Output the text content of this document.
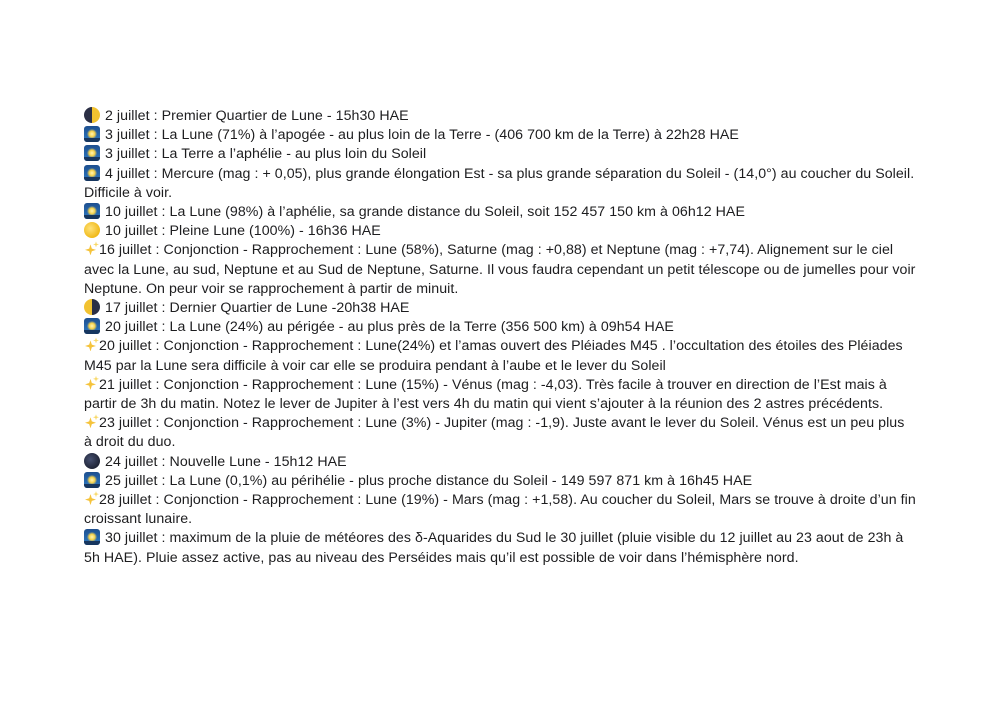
2 juillet : Premier Quartier de Lune - 15h30 HAE
3 juillet : La Lune (71%) à l’apogée - au plus loin de la Terre - (406 700 km de la Terre) à 22h28 HAE
3 juillet : La Terre a l’aphélie - au plus loin du Soleil
4 juillet : Mercure (mag : + 0,05), plus grande élongation Est - sa plus grande séparation du Soleil - (14,0°) au coucher du Soleil. Difficile à voir.
10 juillet : La Lune (98%) à l’aphélie, sa grande distance du Soleil, soit 152 457 150 km à 06h12 HAE
10 juillet : Pleine Lune (100%) - 16h36 HAE
16 juillet : Conjonction - Rapprochement : Lune (58%), Saturne (mag : +0,88) et Neptune (mag : +7,74). Alignement sur le ciel avec la Lune, au sud, Neptune et au Sud de Neptune, Saturne. Il vous faudra cependant un petit télescope ou de jumelles pour voir Neptune. On peur voir se rapprochement à partir de minuit.
17 juillet : Dernier Quartier de Lune -20h38 HAE
20 juillet : La Lune (24%) au périgée - au plus près de la Terre (356 500 km) à 09h54 HAE
20 juillet : Conjonction - Rapprochement : Lune(24%) et l’amas ouvert des Pléiades M45 . l’occultation des étoiles des Pléiades M45 par la Lune sera difficile à voir car elle se produira pendant à l’aube et le lever du Soleil
21 juillet : Conjonction - Rapprochement : Lune (15%) - Vénus (mag : -4,03). Très facile à trouver en direction de l’Est mais à partir de 3h du matin. Notez le lever de Jupiter à l’est vers 4h du matin qui vient s’ajouter à la réunion des 2 astres précédents.
23 juillet : Conjonction - Rapprochement : Lune (3%) - Jupiter (mag : -1,9). Juste avant le lever du Soleil. Vénus est un peu plus à droit du duo.
24 juillet : Nouvelle Lune - 15h12 HAE
25 juillet : La Lune (0,1%) au périhélie - plus proche distance du Soleil - 149 597 871 km à 16h45 HAE
28 juillet : Conjonction - Rapprochement : Lune (19%) - Mars (mag : +1,58). Au coucher du Soleil, Mars se trouve à droite d’un fin croissant lunaire.
30 juillet : maximum de la pluie de météores des δ-Aquarides du Sud le 30 juillet (pluie visible du 12 juillet au 23 aout de 23h à 5h HAE). Pluie assez active, pas au niveau des Perséides mais qu’il est possible de voir dans l’hémisphère nord.
